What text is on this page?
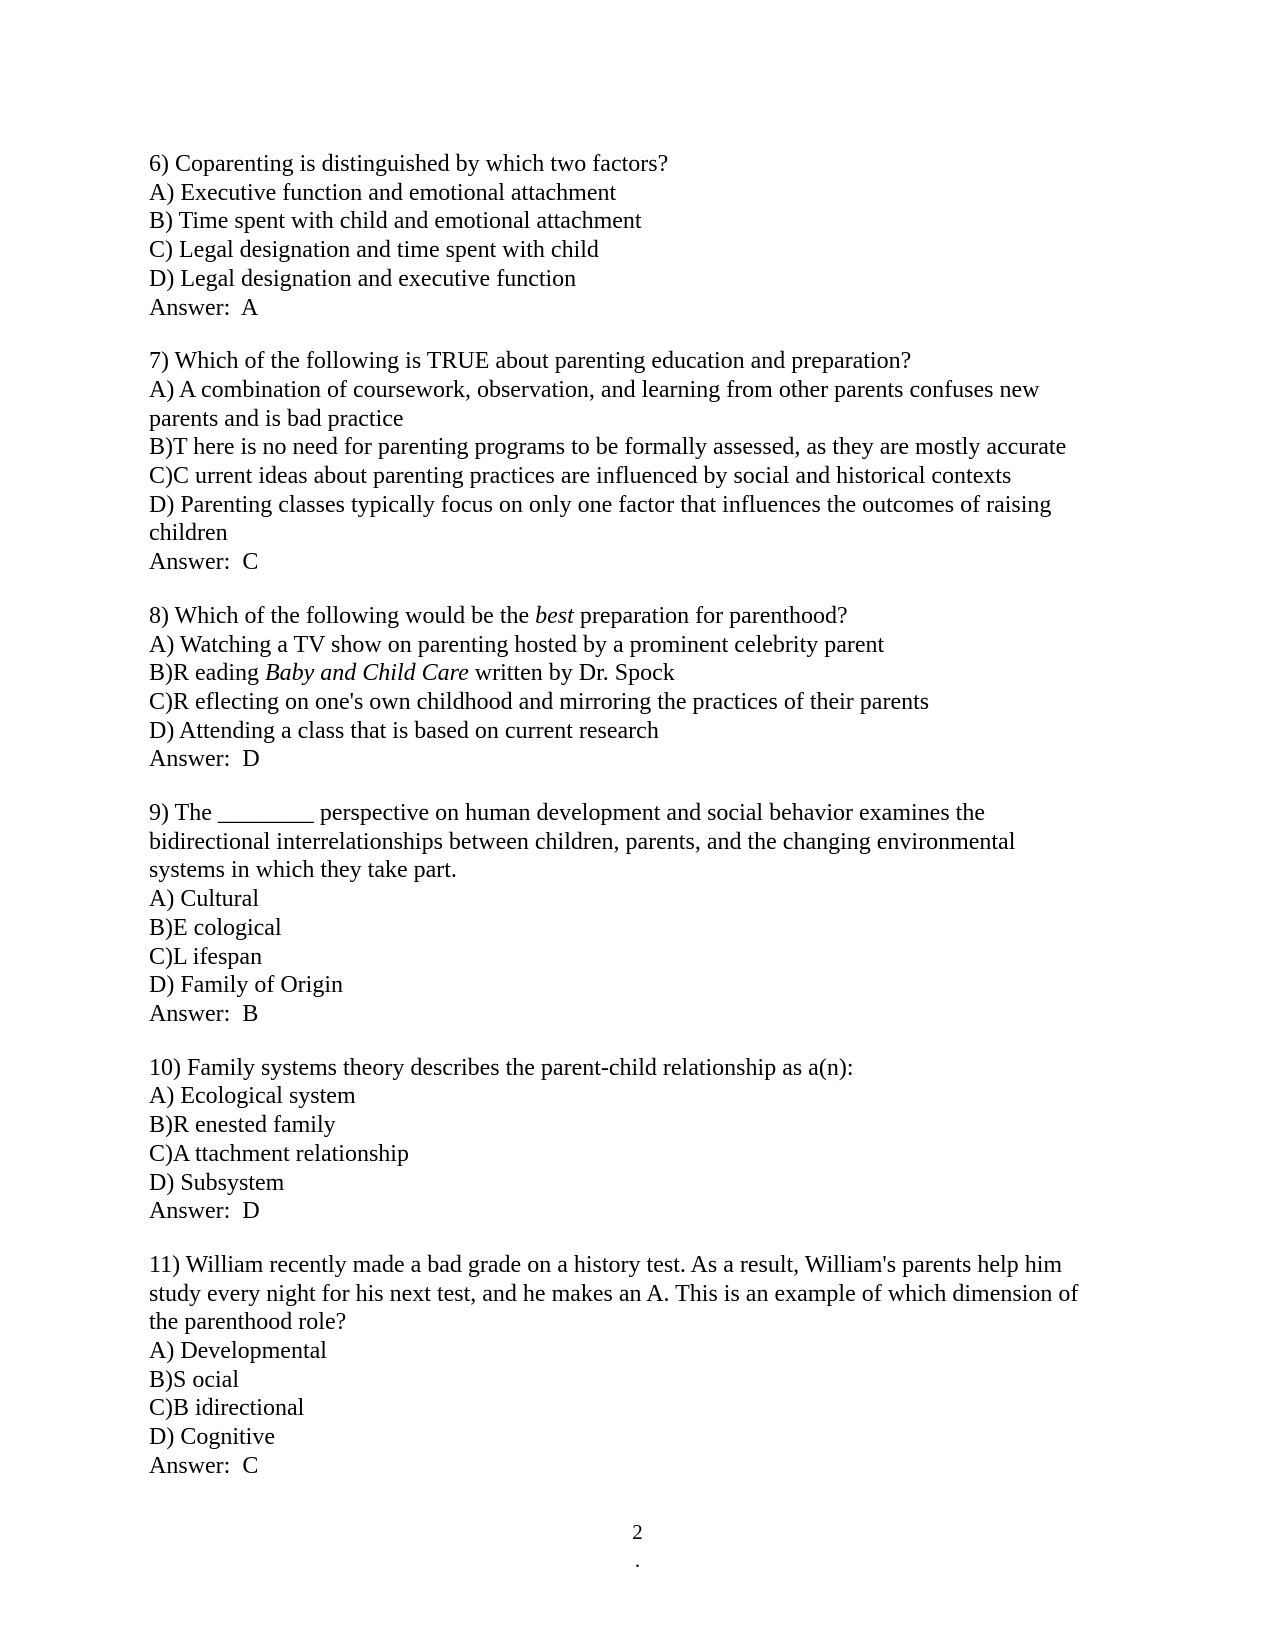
6) Coparenting is distinguished by which two factors?
A) Executive function and emotional attachment
B) Time spent with child and emotional attachment
C) Legal designation and time spent with child
D) Legal designation and executive function
Answer:  A
7) Which of the following is TRUE about parenting education and preparation?
A) A combination of coursework, observation, and learning from other parents confuses new
parents and is bad practice
B)T here is no need for parenting programs to be formally assessed, as they are mostly accurate
C)C urrent ideas about parenting practices are influenced by social and historical contexts
D) Parenting classes typically focus on only one factor that influences the outcomes of raising
children
Answer:  C
8) Which of the following would be the best preparation for parenthood?
A) Watching a TV show on parenting hosted by a prominent celebrity parent
B)R eading Baby and Child Care written by Dr. Spock
C)R eflecting on one's own childhood and mirroring the practices of their parents
D) Attending a class that is based on current research
Answer:  D
9) The ________ perspective on human development and social behavior examines the
bidirectional interrelationships between children, parents, and the changing environmental
systems in which they take part.
A) Cultural
B)E cological
C)L ifespan
D) Family of Origin
Answer:  B
10) Family systems theory describes the parent-child relationship as a(n):
A) Ecological system
B)R enested family
C)A ttachment relationship
D) Subsystem
Answer:  D
11) William recently made a bad grade on a history test. As a result, William's parents help him
study every night for his next test, and he makes an A. This is an example of which dimension of
the parenthood role?
A) Developmental
B)S ocial
C)B idirectional
D) Cognitive
Answer:  C
2
.
